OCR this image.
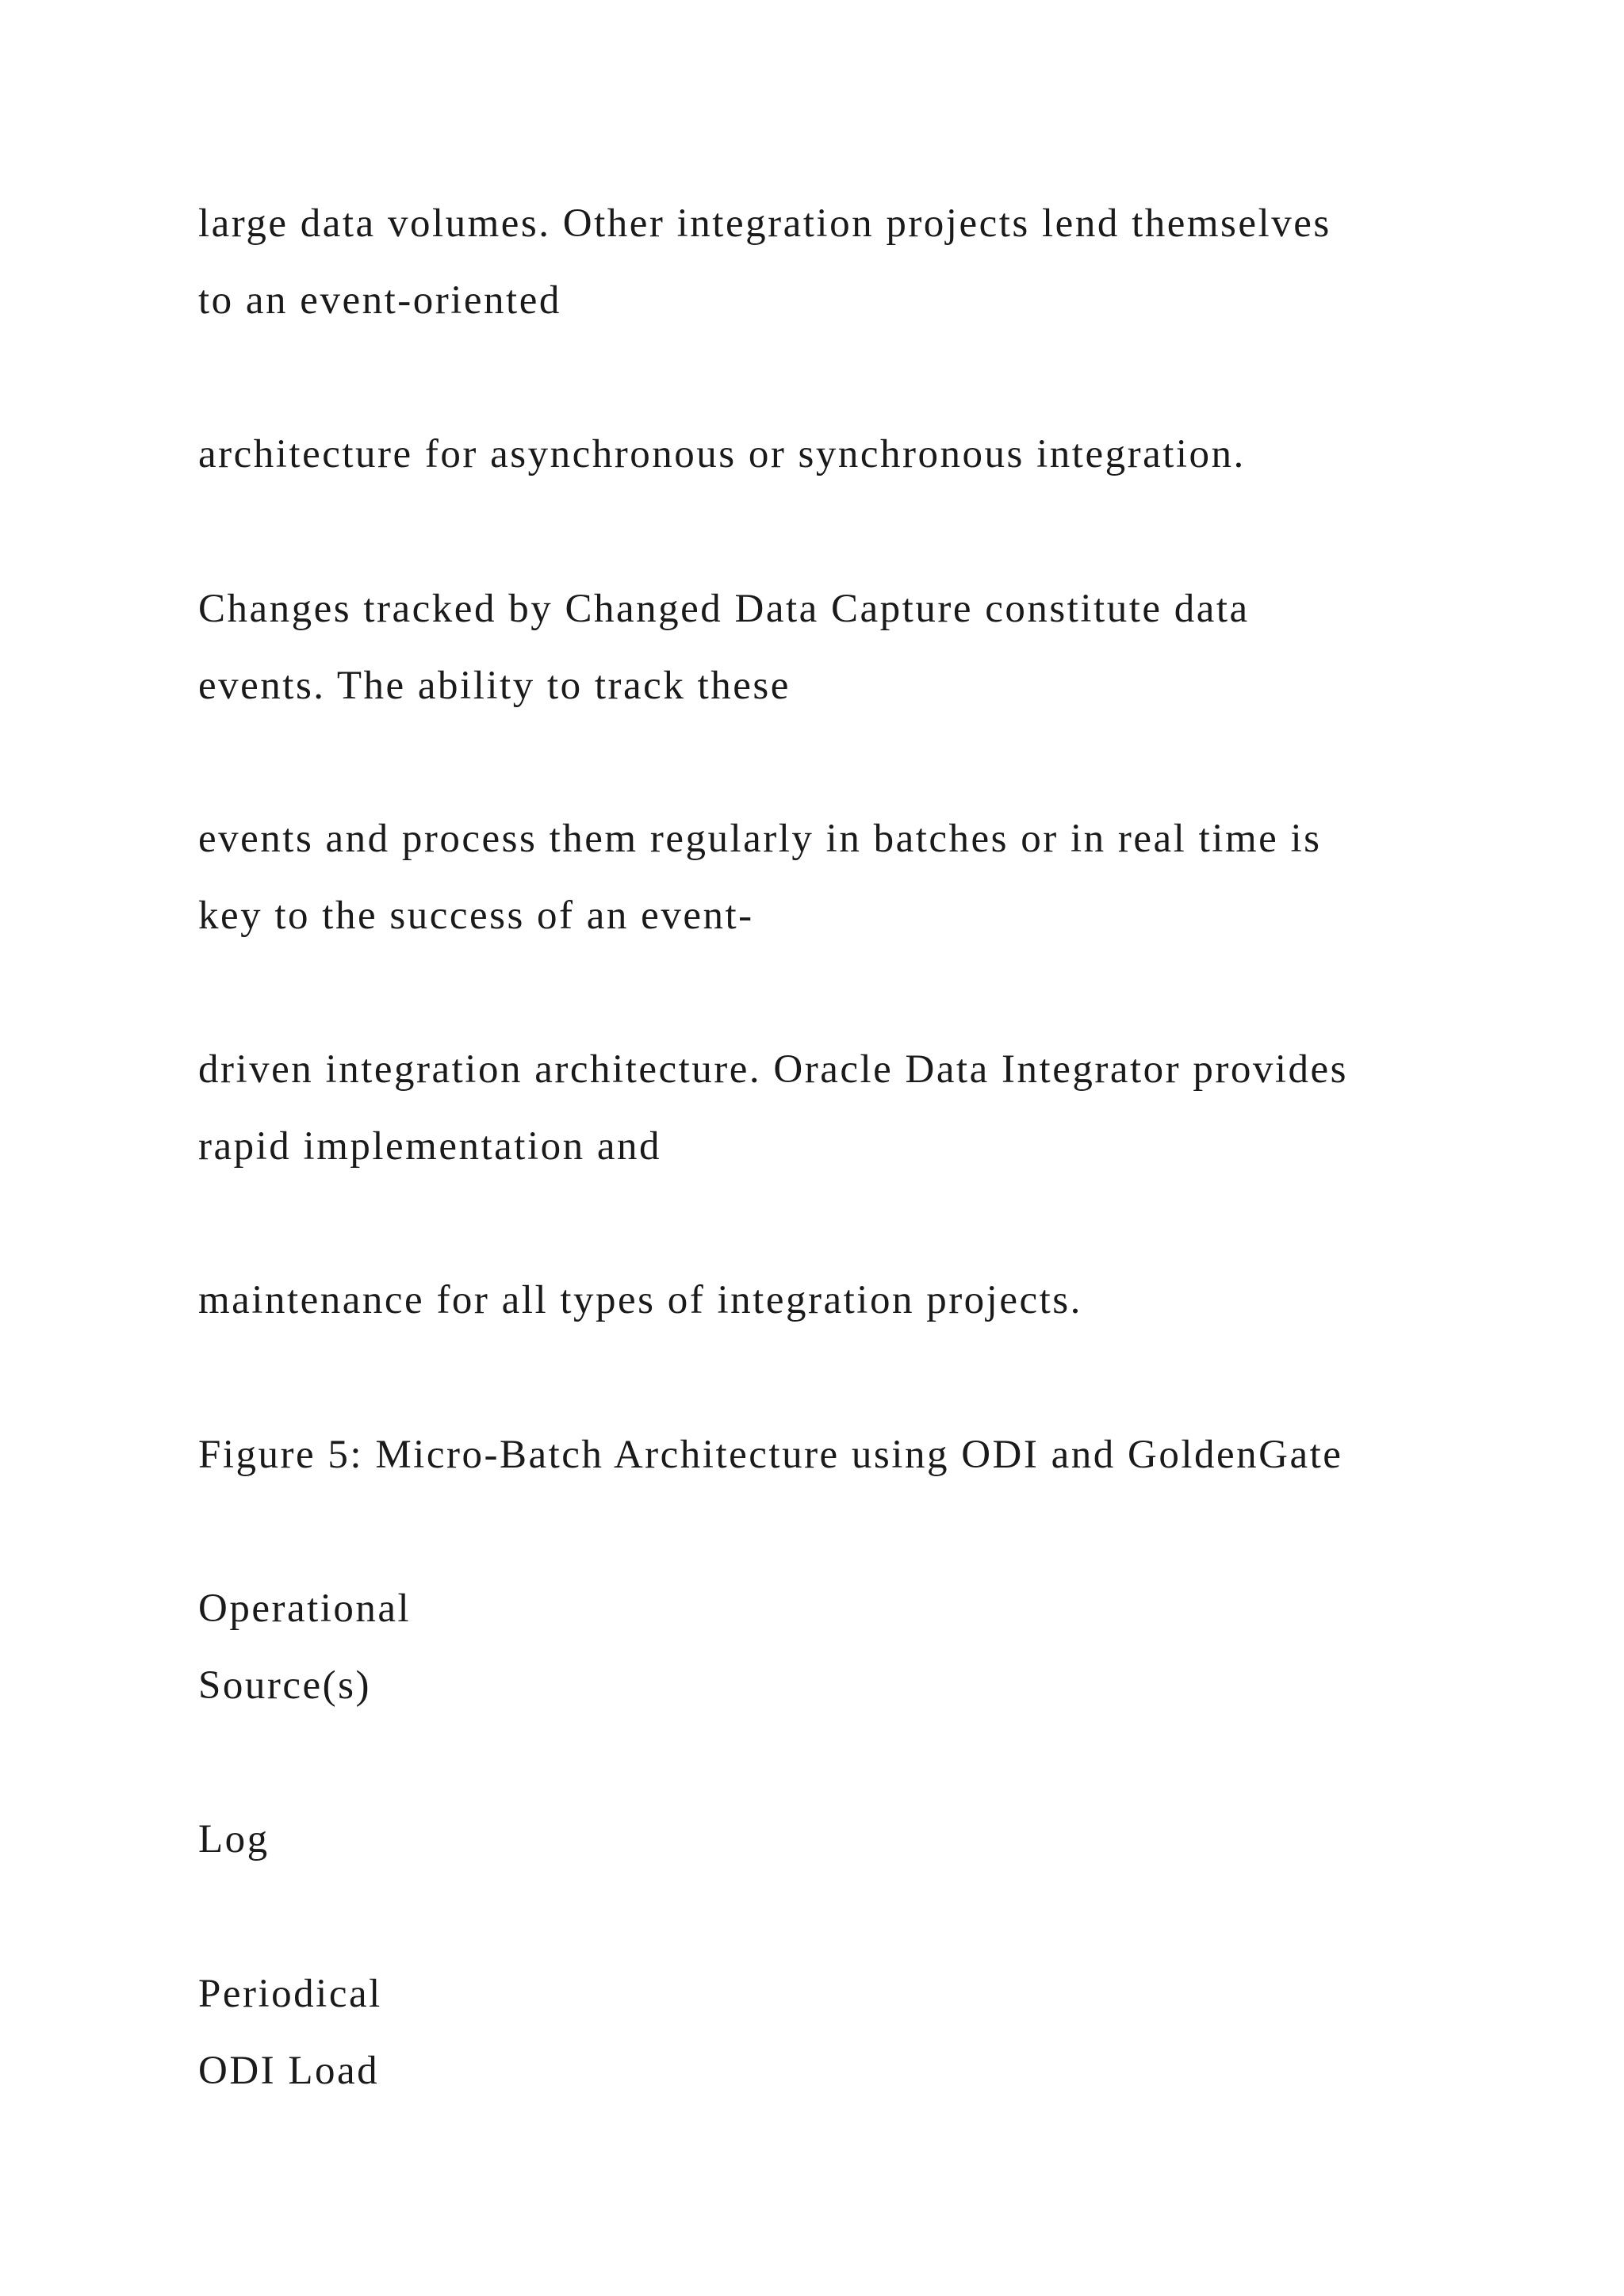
large data volumes. Other integration projects lend themselves
to an event-oriented

architecture for asynchronous or synchronous integration.

Changes tracked by Changed Data Capture constitute data
events. The ability to track these

events and process them regularly in batches or in real time is
key to the success of an event-

driven integration architecture. Oracle Data Integrator provides
rapid implementation and

maintenance for all types of integration projects.

Figure 5: Micro-Batch Architecture using ODI and GoldenGate

Operational
Source(s)

Log

Periodical
ODI Load
